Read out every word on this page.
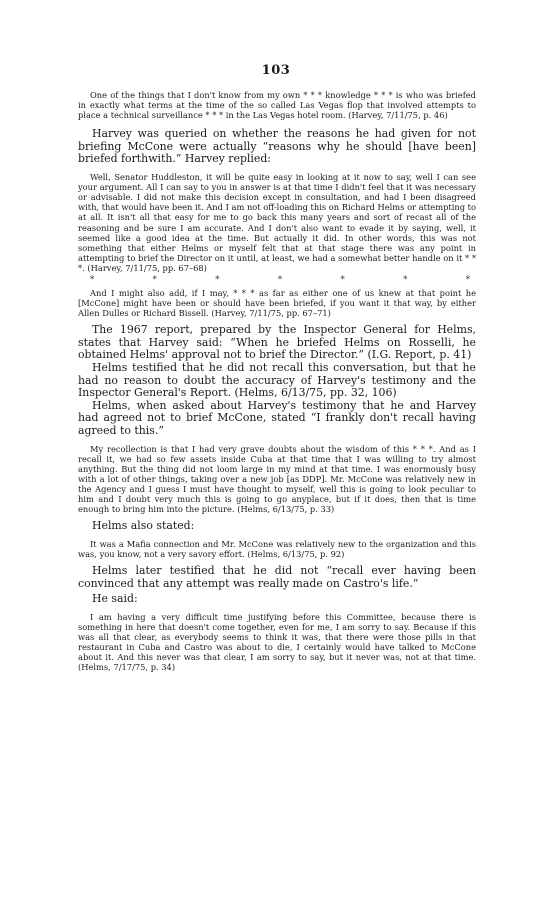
103

One of the things that I don't know from my own * * * knowledge * * * is who was briefed in exactly what terms at the time of the so called Las Vegas flop that involved attempts to place a technical surveillance * * * in the Las Vegas hotel room. (Harvey, 7/11/75, p. 46)

Harvey was queried on whether the reasons he had given for not briefing McCone were actually “reasons why he should [have been] briefed forthwith.” Harvey replied:

Well, Senator Huddleston, it will be quite easy in looking at it now to say, well I can see your argument. All I can say to you in answer is at that time I didn't feel that it was necessary or advisable. I did not make this decision except in consultation, and had I been disagreed with, that would have been it. And I am not off-loading this on Richard Helms or attempting to at all. It isn't all that easy for me to go back this many years and sort of recast all of the reasoning and be sure I am accurate. And I don't also want to evade it by saying, well, it seemed like a good idea at the time. But actually it did. In other words, this was not something that either Helms or myself felt that at that stage there was any point in attempting to brief the Director on it until, at least, we had a somewhat better handle on it * * *. (Harvey, 7/11/75, pp. 67–68)

*	*	*	*	*	*	*

And I might also add, if I may, * * * as far as either one of us knew at that point he [McCone] might have been or should have been briefed, if you want it that way, by either Allen Dulles or Richard Bissell. (Harvey, 7/11/75, pp. 67–71)

The 1967 report, prepared by the Inspector General for Helms, states that Harvey said: “When he briefed Helms on Rosselli, he obtained Helms' approval not to brief the Director.” (I.G. Report, p. 41)

Helms testified that he did not recall this conversation, but that he had no reason to doubt the accuracy of Harvey's testimony and the Inspector General's Report. (Helms, 6/13/75, pp. 32, 106)

Helms, when asked about Harvey's testimony that he and Harvey had agreed not to brief McCone, stated “I frankly don't recall having agreed to this.”

My recollection is that I had very grave doubts about the wisdom of this * * *. And as I recall it, we had so few assets inside Cuba at that time that I was willing to try almost anything. But the thing did not loom large in my mind at that time. I was enormously busy with a lot of other things, taking over a new job [as DDP]. Mr. McCone was relatively new in the Agency and I guess I must have thought to myself, well this is going to look peculiar to him and I doubt very much this is going to go anyplace, but if it does, then that is time enough to bring him into the picture. (Helms, 6/13/75, p. 33)

Helms also stated:

It was a Mafia connection and Mr. McCone was relatively new to the organization and this was, you know, not a very savory effort. (Helms, 6/13/75, p. 92)

Helms later testified that he did not “recall ever having been convinced that any attempt was really made on Castro's life.”

He said:

I am having a very difficult time justifying before this Committee, because there is something in here that doesn't come together, even for me, I am sorry to say. Because if this was all that clear, as everybody seems to think it was, that there were those pills in that restaurant in Cuba and Castro was about to die, I certainly would have talked to McCone about it. And this never was that clear, I am sorry to say, but it never was, not at that time. (Helms, 7/17/75, p. 34)
